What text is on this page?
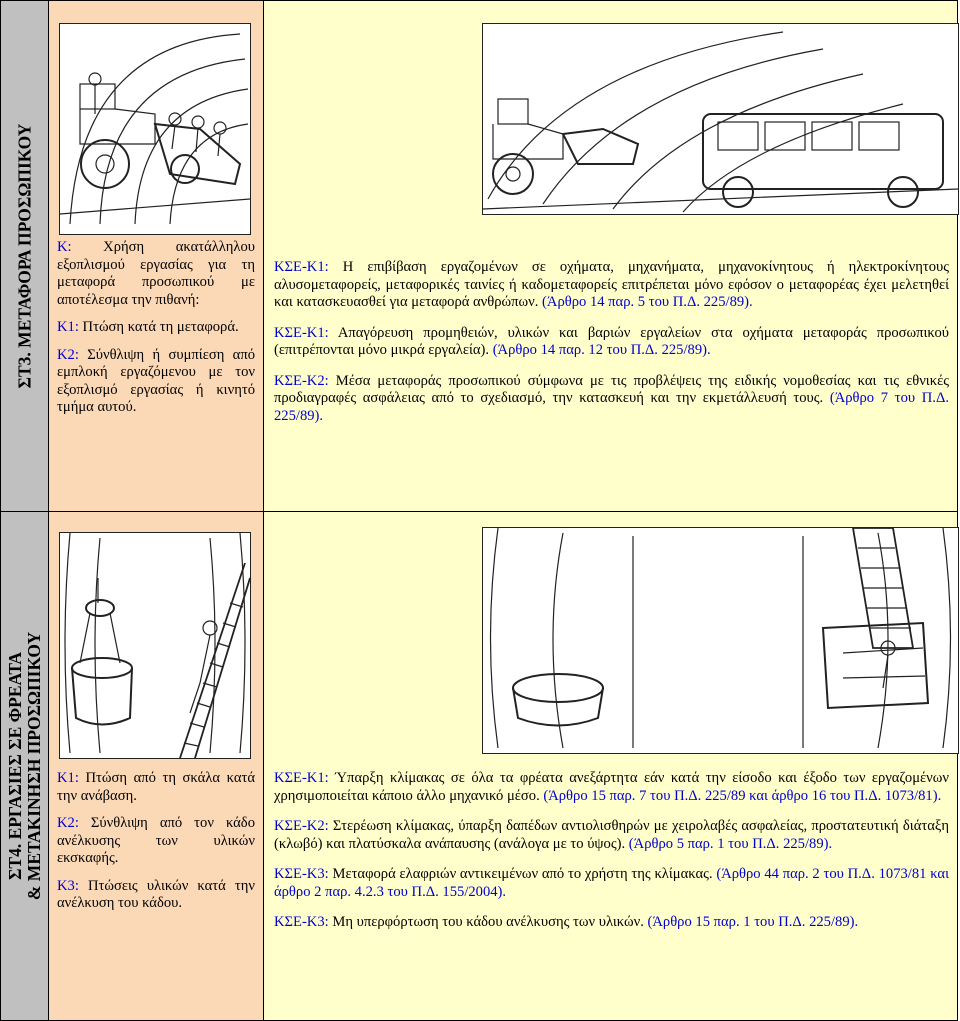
ΣΤ3. ΜΕΤΑΦΟΡΑ ΠΡΟΣΩΠΙΚΟΥ Κ: Χρήση ακατάλληλου εξοπλισμού εργασίας για τη μεταφορά προσωπικού με αποτέλεσμα την πιθανή:

Κ1: Πτώση κατά τη μεταφορά.

Κ2: Σύνθλιψη ή συμπίεση από εμπλοκή εργαζόμενου με τον εξοπλισμό εργασίας ή κινητό τμήμα αυτού.

ΚΣΕ-Κ1: Η επιβίβαση εργαζομένων σε οχήματα, μηχανήματα, μηχανοκίνητους ή ηλεκτροκίνητους αλυσομεταφορείς, μεταφορικές ταινίες ή καδομεταφορείς επιτρέπεται μόνο εφόσον ο μεταφορέας έχει μελετηθεί και κατασκευασθεί για μεταφορά ανθρώπων. (Άρθρο 14 παρ. 5 του Π.Δ. 225/89).

ΚΣΕ-Κ1: Απαγόρευση προμηθειών, υλικών και βαριών εργαλείων στα οχήματα μεταφοράς προσωπικού (επιτρέπονται μόνο μικρά εργαλεία). (Άρθρο 14 παρ. 12 του Π.Δ. 225/89).

ΚΣΕ-Κ2: Μέσα μεταφοράς προσωπικού σύμφωνα με τις προβλέψεις της ειδικής νομοθεσίας και τις εθνικές προδιαγραφές ασφάλειας από το σχεδιασμό, την κατασκευή και την εκμετάλλευσή τους. (Άρθρο 7 του Π.Δ. 225/89).

ΣΤ4. ΕΡΓΑΣΙΕΣ ΣΕ ΦΡΕΑΤΑ & ΜΕΤΑΚΙΝΗΣΗ ΠΡΟΣΩΠΙΚΟΥ Κ1: Πτώση από τη σκάλα κατά την ανάβαση.

Κ2: Σύνθλιψη από τον κάδο ανέλκυσης των υλικών εκσκαφής.

Κ3: Πτώσεις υλικών κατά την ανέλκυση του κάδου.

ΚΣΕ-Κ1: Ύπαρξη κλίμακας σε όλα τα φρέατα ανεξάρτητα εάν κατά την είσοδο και έξοδο των εργαζομένων χρησιμοποιείται κάποιο άλλο μηχανικό μέσο. (Άρθρο 15 παρ. 7 του Π.Δ. 225/89 και άρθρο 16 του Π.Δ. 1073/81).

ΚΣΕ-Κ2: Στερέωση κλίμακας, ύπαρξη δαπέδων αντιολισθηρών με χειρολαβές ασφαλείας, προστατευτική διάταξη (κλωβό) και πλατύσκαλα ανάπαυσης (ανάλογα με το ύψος). (Άρθρο 5 παρ. 1 του Π.Δ. 225/89).

ΚΣΕ-Κ3: Μεταφορά ελαφριών αντικειμένων από το χρήστη της κλίμακας. (Άρθρο 44 παρ. 2 του Π.Δ. 1073/81 και άρθρο 2 παρ. 4.2.3 του Π.Δ. 155/2004).

ΚΣΕ-Κ3: Μη υπερφόρτωση του κάδου ανέλκυσης των υλικών. (Άρθρο 15 παρ. 1 του Π.Δ. 225/89).
